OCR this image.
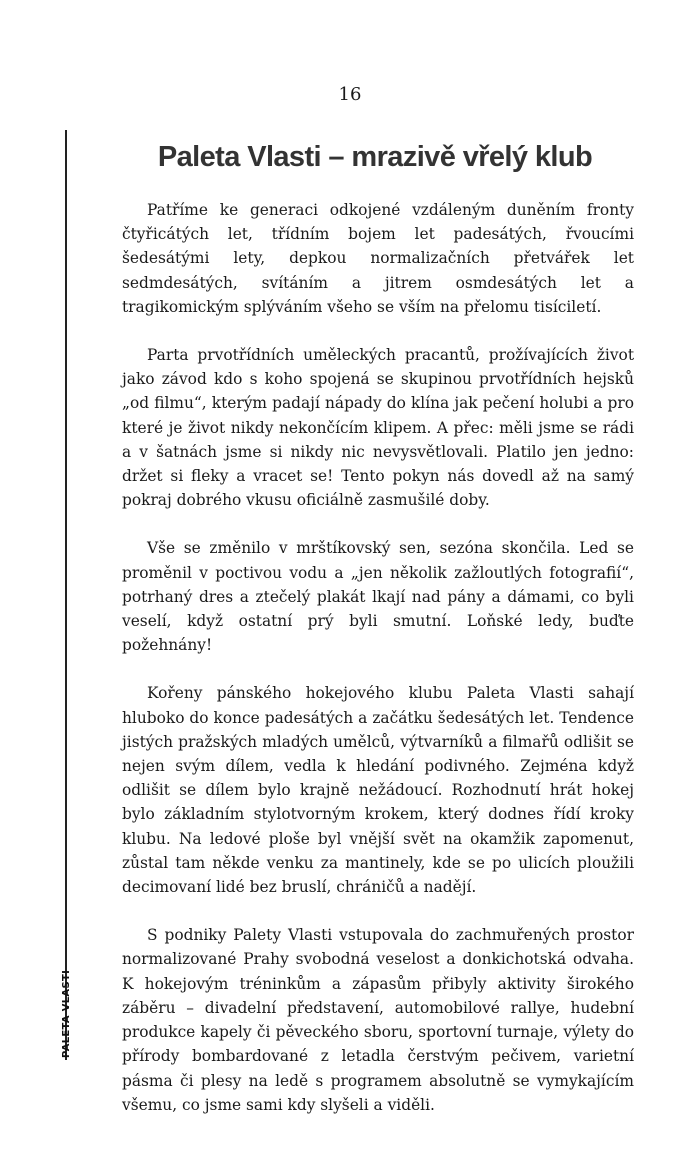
16
PALETA VLASTI
Paleta Vlasti – mrazivě vřelý klub

Patříme ke generaci odkojené vzdáleným duněním fronty čtyřicátých let, třídním bojem let padesátých, řvoucími šedesátými lety, depkou normalizačních přetvářek let sedmdesátých, svítáním a jitrem osmdesátých let a tragikomickým splýváním všeho se vším na přelomu tisíciletí.

Parta prvotřídních uměleckých pracantů, prožívajících život jako závod kdo s koho spojená se skupinou prvotřídních hejsků „od filmu“, kterým padají nápady do klína jak pečení holubi a pro které je život nikdy nekončícím klipem. A přec: měli jsme se rádi a v šatnách jsme si nikdy nic nevysvětlovali. Platilo jen jedno: držet si fleky a vracet se! Tento pokyn nás dovedl až na samý pokraj dobrého vkusu oficiálně zasmušilé doby.

Vše se změnilo v mrštíkovský sen, sezóna skončila. Led se proměnil v poctivou vodu a „jen několik zažloutlých fotografií“, potrhaný dres a ztečelý plakát lkají nad pány a dámami, co byli veselí, když ostatní prý byli smutní. Loňské ledy, buďte požehnány!

Kořeny pánského hokejového klubu Paleta Vlasti sahají hluboko do konce padesátých a začátku šedesátých let. Tendence jistých pražských mladých umělců, výtvarníků a filmařů odlišit se nejen svým dílem, vedla k hledání podivného. Zejména když odlišit se dílem bylo krajně nežádoucí. Rozhodnutí hrát hokej bylo základním stylotvorným krokem, který dodnes řídí kroky klubu. Na ledové ploše byl vnější svět na okamžik zapomenut, zůstal tam někde venku za mantinely, kde se po ulicích ploužili decimovaní lidé bez bruslí, chráničů a nadějí.

S podniky Palety Vlasti vstupovala do zachmuřených prostor normalizované Prahy svobodná veselost a donkichotská odvaha. K hokejovým tréninkům a zápasům přibyly aktivity širokého záběru – divadelní představení, automobilové rallye, hudební produkce kapely či pěveckého sboru, sportovní turnaje, výlety do přírody bombardované z letadla čerstvým pečivem, varietní pásma či plesy na ledě s programem absolutně se vymykajícím všemu, co jsme sami kdy slyšeli a viděli.
